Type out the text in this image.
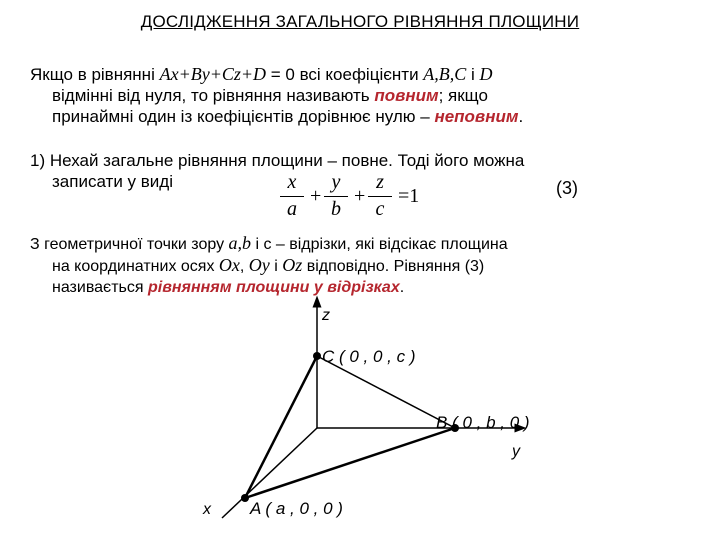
ДОСЛІДЖЕННЯ ЗАГАЛЬНОГО РІВНЯННЯ ПЛОЩИНИ
Якщо в рівнянні Ax+By+Cz+D = 0 всі коефіцієнти A,B,C і D
відмінні від нуля, то рівняння називають повним; якщо
принаймні один із коефіцієнтів дорівнює нулю – неповним.
1) Нехай загальне рівняння площини – повне. Тоді його можна
записати у виді	x
a
+
y
b
+
z
c
=1	(3)
З геометричної точки зору a,b і с – відрізки, які відсікає площина
на координатних осях Ox, Oy і Oz відповідно. Рівняння (3)
називається рівнянням площини у відрізках.
z
y
x
C ( 0 , 0 , c )
B ( 0 , b , 0 )
A ( a , 0 , 0 )
